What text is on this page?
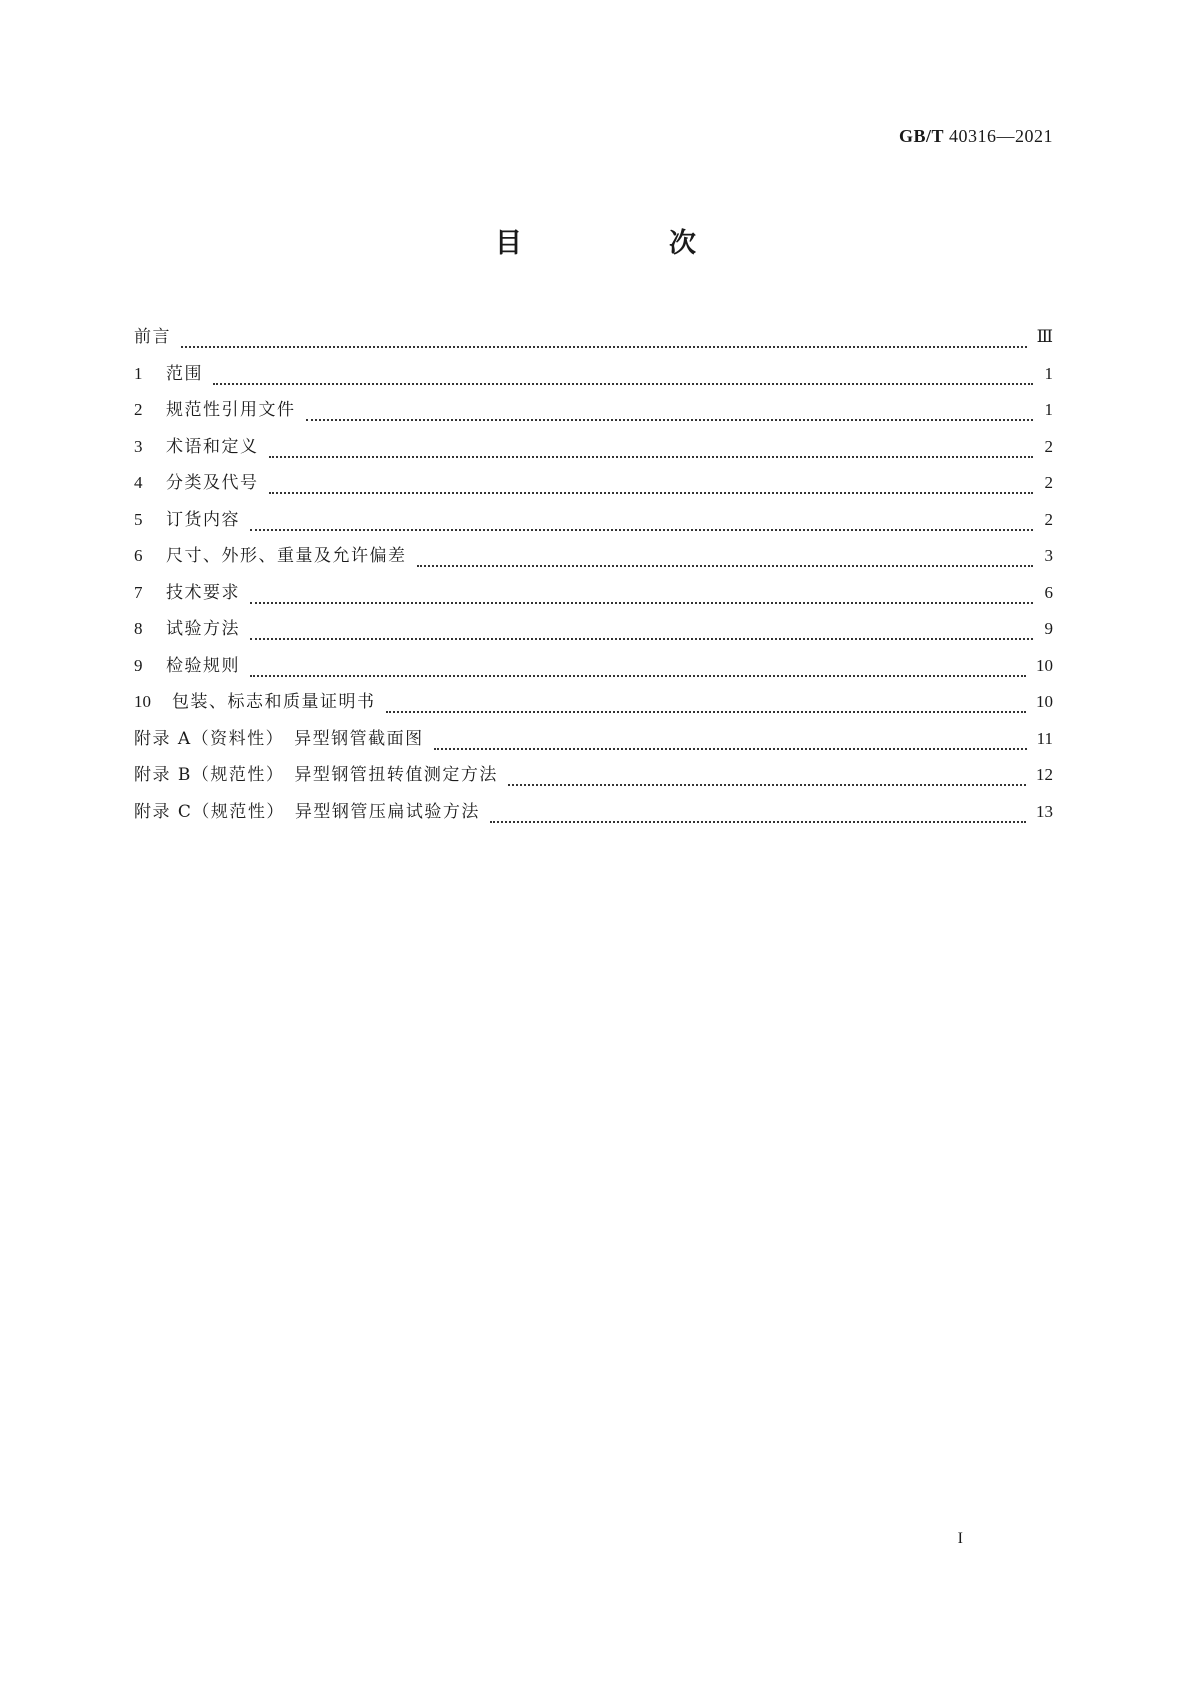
GB/T 40316—2021
目　次
前言	Ⅲ
1	范围	1
2	规范性引用文件	1
3	术语和定义	2
4	分类及代号	2
5	订货内容	2
6	尺寸、外形、重量及允许偏差	3
7	技术要求	6
8	试验方法	9
9	检验规则	10
10	包装、标志和质量证明书	10
附录 A（资料性）　异型钢管截面图	11
附录 B（规范性）　异型钢管扭转值测定方法	12
附录 C（规范性）　异型钢管压扁试验方法	13
I
